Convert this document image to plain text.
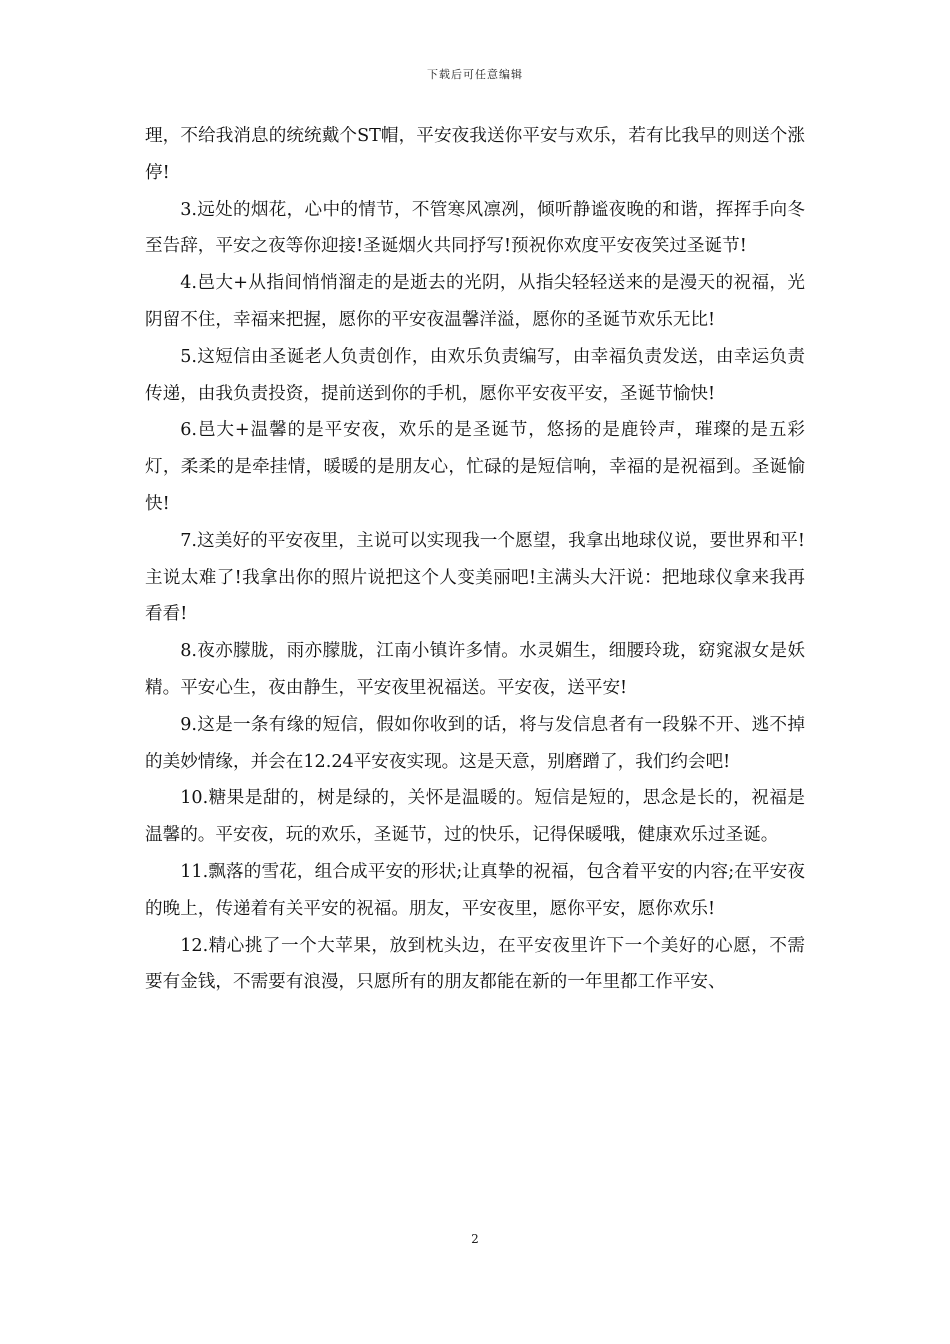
下载后可任意编辑

理，不给我消息的统统戴个ST帽，平安夜我送你平安与欢乐，若有比我早的则送个涨停!

3.远处的烟花，心中的情节，不管寒风凛冽，倾听静谧夜晚的和谐，挥挥手向冬至告辞，平安之夜等你迎接!圣诞烟火共同抒写!预祝你欢度平安夜笑过圣诞节!

4.邑大+从指间悄悄溜走的是逝去的光阴，从指尖轻轻送来的是漫天的祝福，光阴留不住，幸福来把握，愿你的平安夜温馨洋溢，愿你的圣诞节欢乐无比!

5.这短信由圣诞老人负责创作，由欢乐负责编写，由幸福负责发送，由幸运负责传递，由我负责投资，提前送到你的手机，愿你平安夜平安，圣诞节愉快!

6.邑大+温馨的是平安夜，欢乐的是圣诞节，悠扬的是鹿铃声，璀璨的是五彩灯，柔柔的是牵挂情，暖暖的是朋友心，忙碌的是短信响，幸福的是祝福到。圣诞愉快!

7.这美好的平安夜里，主说可以实现我一个愿望，我拿出地球仪说，要世界和平!主说太难了!我拿出你的照片说把这个人变美丽吧!主满头大汗说：把地球仪拿来我再看看!

8.夜亦朦胧，雨亦朦胧，江南小镇许多情。水灵媚生，细腰玲珑，窈窕淑女是妖精。平安心生，夜由静生，平安夜里祝福送。平安夜，送平安!

9.这是一条有缘的短信，假如你收到的话，将与发信息者有一段躲不开、逃不掉的美妙情缘，并会在12.24平安夜实现。这是天意，别磨蹭了，我们约会吧!

10.糖果是甜的，树是绿的，关怀是温暖的。短信是短的，思念是长的，祝福是温馨的。平安夜，玩的欢乐，圣诞节，过的快乐，记得保暖哦，健康欢乐过圣诞。

11.飘落的雪花，组合成平安的形状;让真挚的祝福，包含着平安的内容;在平安夜的晚上，传递着有关平安的祝福。朋友，平安夜里，愿你平安，愿你欢乐!

12.精心挑了一个大苹果，放到枕头边，在平安夜里许下一个美好的心愿，不需要有金钱，不需要有浪漫，只愿所有的朋友都能在新的一年里都工作平安、

2
